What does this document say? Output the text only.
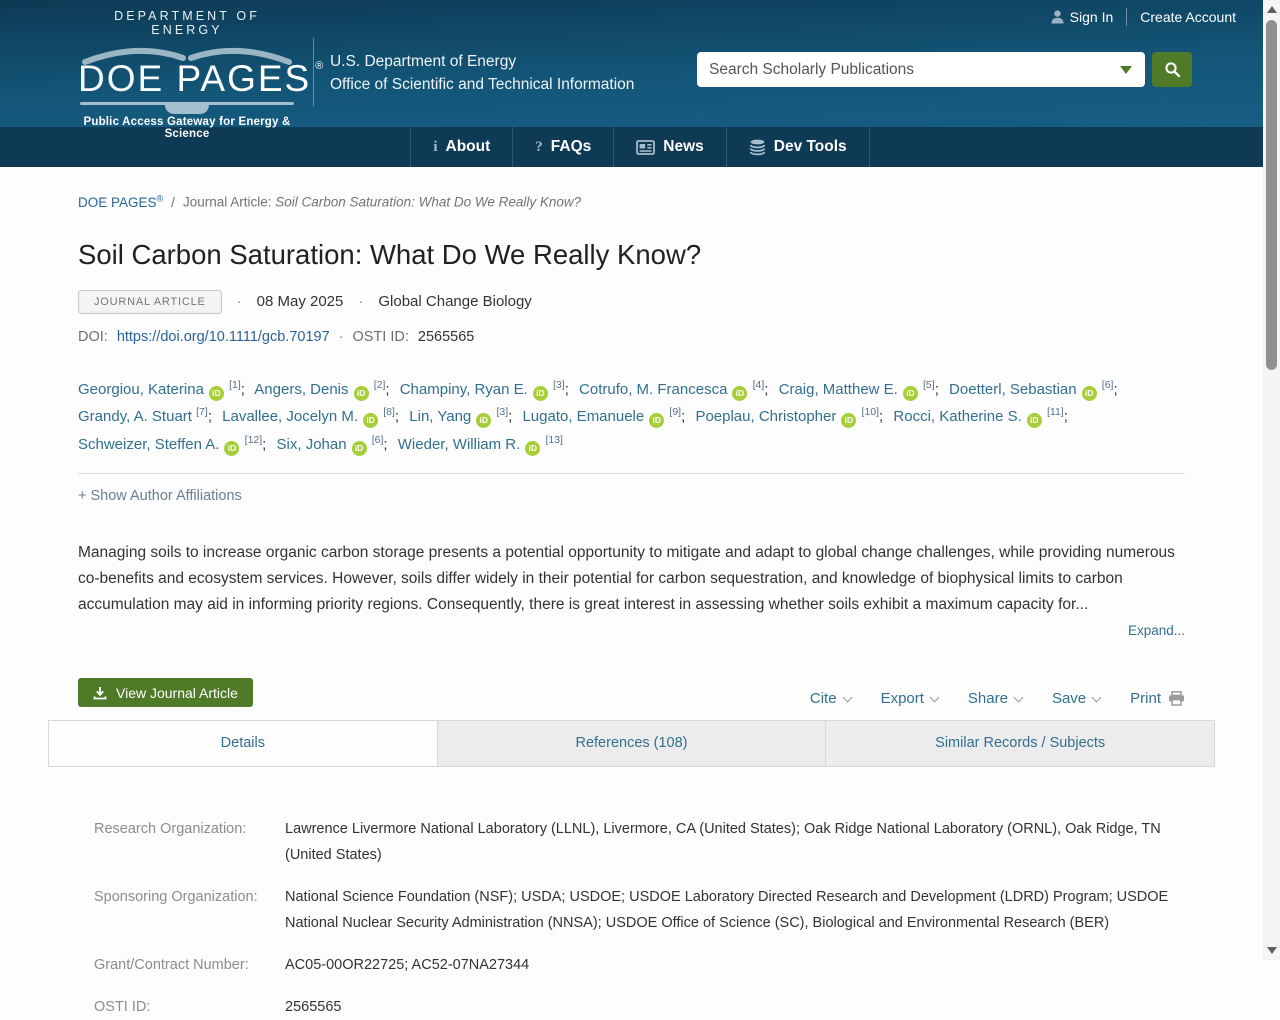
Sign In Create Account
DEPARTMENT OF ENERGY
DOE PAGES ®
Public Access Gateway for Energy & Science
U.S. Department of Energy
Office of Scientific and Technical Information
Search Scholarly Publications
i About	? FAQs	News	Dev Tools
DOE PAGES® / Journal Article: Soil Carbon Saturation: What Do We Really Know?
Soil Carbon Saturation: What Do We Really Know?
JOURNAL ARTICLE	· 08 May 2025 · Global Change Biology
DOI: https://doi.org/10.1111/gcb.70197 · OSTI ID: 2565565
Georgiou, Katerina iD [1]; Angers, Denis iD [2]; Champiny, Ryan E. iD [3]; Cotrufo, M. Francesca iD [4]; Craig, Matthew E. iD [5]; Doetterl, Sebastian iD [6]; Grandy, A. Stuart [7]; Lavallee, Jocelyn M. iD [8]; Lin, Yang iD [3]; Lugato, Emanuele iD [9]; Poeplau, Christopher iD [10]; Rocci, Katherine S. iD [11]; Schweizer, Steffen A. iD [12]; Six, Johan iD [6]; Wieder, William R. iD [13]
+ Show Author Affiliations

Managing soils to increase organic carbon storage presents a potential opportunity to mitigate and adapt to global change challenges, while providing numerous co-benefits and ecosystem services. However, soils differ widely in their potential for carbon sequestration, and knowledge of biophysical limits to carbon accumulation may aid in informing priority regions. Consequently, there is great interest in assessing whether soils exhibit a maximum capacity for...

Expand...
View Journal Article	Cite	Export	Share	Save	Print
Details	References (108)	Similar Records / Subjects
Research Organization:	Lawrence Livermore National Laboratory (LLNL), Livermore, CA (United States); Oak Ridge National Laboratory (ORNL), Oak Ridge, TN (United States)
Sponsoring Organization:	National Science Foundation (NSF); USDA; USDOE; USDOE Laboratory Directed Research and Development (LDRD) Program; USDOE National Nuclear Security Administration (NNSA); USDOE Office of Science (SC), Biological and Environmental Research (BER)
Grant/Contract Number:	AC05-00OR22725; AC52-07NA27344
OSTI ID:	2565565
